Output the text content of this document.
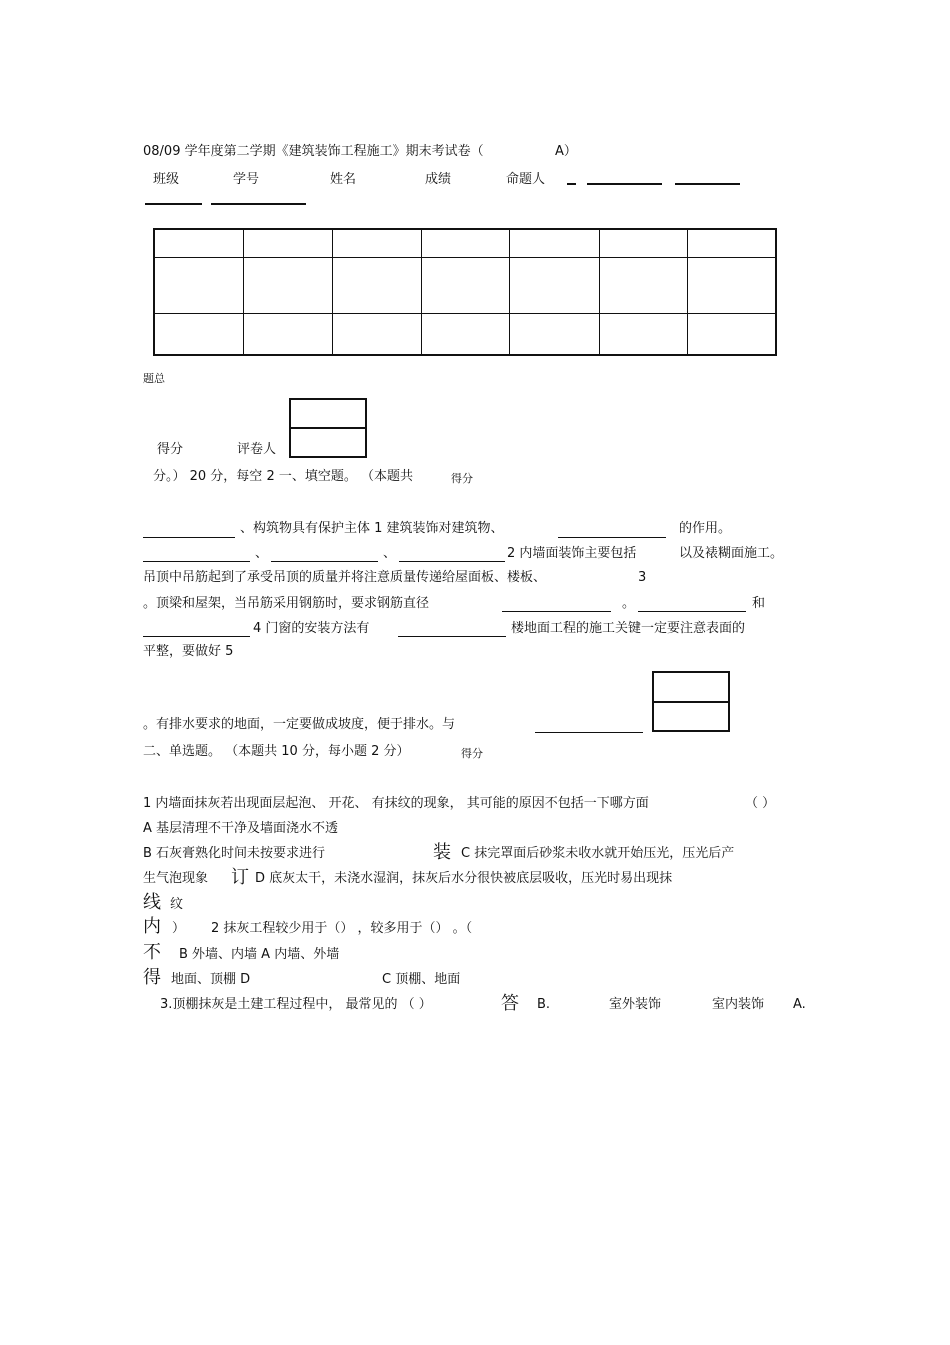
08/09 学年度第二学期《建筑装饰工程施工》期末考试卷（	A）
班级	学号	姓名	成绩	命题人

题总
得分	评卷人
分。） 20 分，每空 2 一、填空题。 （本题共	得分
、构筑物具有保护主体 1 建筑装饰对建筑物、	的作用。
、	、	2 内墙面装饰主要包括	以及裱糊面施工。
吊顶中吊筋起到了承受吊顶的质量并将注意质量传递给屋面板、楼板、	3
。顶梁和屋架，当吊筋采用钢筋时，要求钢筋直径	。	和
4 门窗的安装方法有	楼地面工程的施工关键一定要注意表面的
平整，要做好 5
。有排水要求的地面，一定要做成坡度，便于排水。与
二、单选题。 （本题共 10 分，每小题 2 分）	得分
1 内墙面抹灰若出现面层起泡、 开花、 有抹纹的现象， 其可能的原因不包括一下哪方面	（ ）
A 基层清理不干净及墙面浇水不透
B 石灰膏熟化时间未按要求进行	装 C 抹完罩面后砂浆未收水就开始压光，压光后产
生气泡现象 订 D 底灰太干，未浇水湿润，抹灰后水分很快被底层吸收，压光时易出现抹
线 纹
内 ） 2 抹灰工程较少用于（） ，较多用于（） 。（
不 B 外墙、内墙 A 内墙、外墙
得 地面、顶棚 D	C 顶棚、地面
3.顶棚抹灰是土建工程过程中， 最常见的 （ ）	答 B.	室外装饰	室内装饰 A.
